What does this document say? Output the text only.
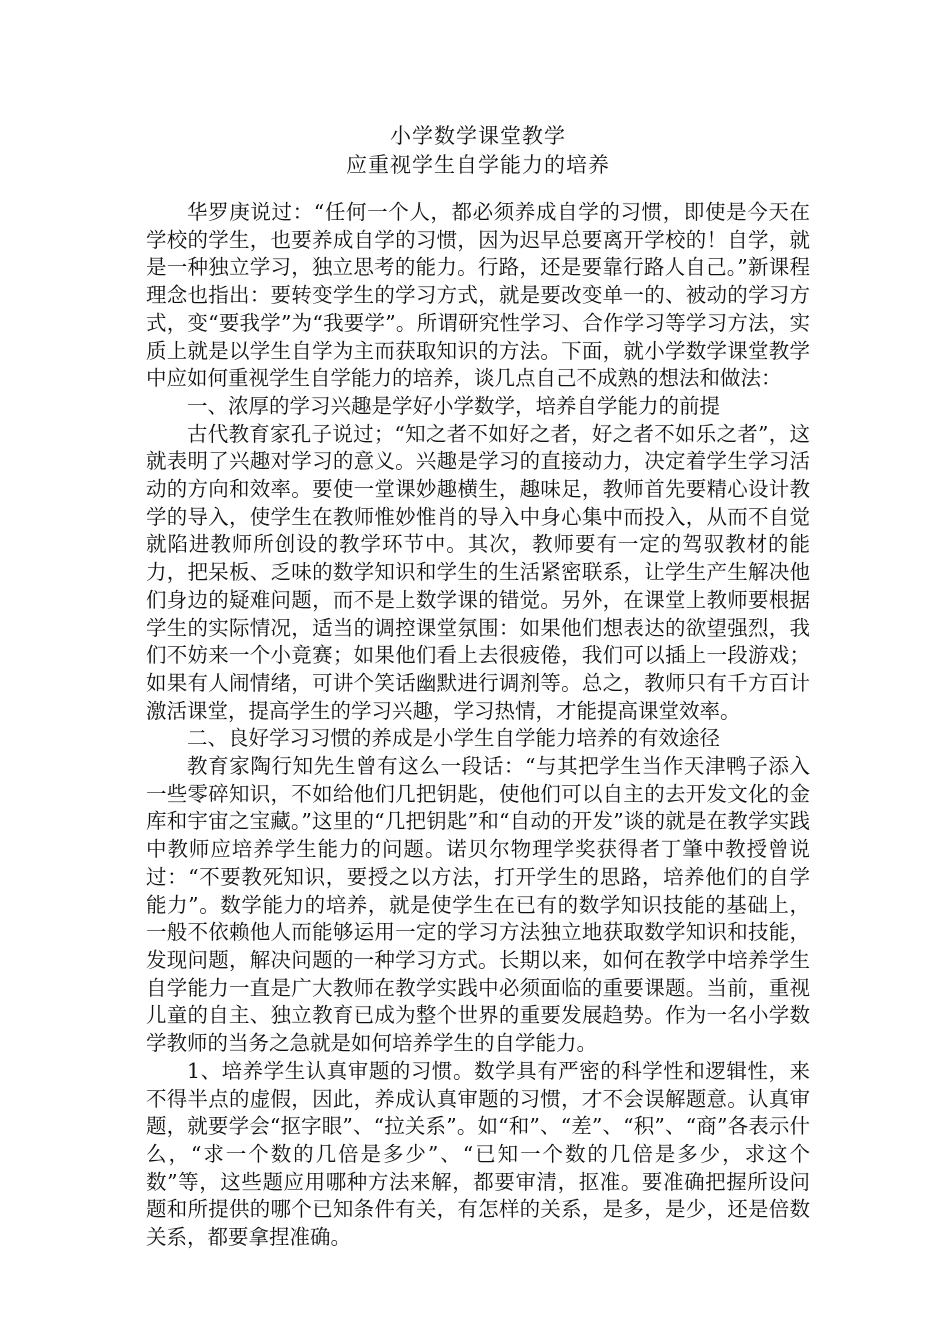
小学数学课堂教学
应重视学生自学能力的培养

华罗庚说过：“任何一个人，都必须养成自学的习惯，即使是今天在学校的学生，也要养成自学的习惯，因为迟早总要离开学校的！自学，就是一种独立学习，独立思考的能力。行路，还是要靠行路人自己。”新课程理念也指出：要转变学生的学习方式，就是要改变单一的、被动的学习方式，变“要我学”为“我要学”。所谓研究性学习、合作学习等学习方法，实质上就是以学生自学为主而获取知识的方法。下面，就小学数学课堂教学中应如何重视学生自学能力的培养，谈几点自己不成熟的想法和做法：

一、浓厚的学习兴趣是学好小学数学，培养自学能力的前提

古代教育家孔子说过；“知之者不如好之者，好之者不如乐之者”，这就表明了兴趣对学习的意义。兴趣是学习的直接动力，决定着学生学习活动的方向和效率。要使一堂课妙趣横生，趣味足，教师首先要精心设计教学的导入，使学生在教师惟妙惟肖的导入中身心集中而投入，从而不自觉就陷进教师所创设的教学环节中。其次，教师要有一定的驾驭教材的能力，把呆板、乏味的数学知识和学生的生活紧密联系，让学生产生解决他们身边的疑难问题，而不是上数学课的错觉。另外，在课堂上教师要根据学生的实际情况，适当的调控课堂氛围：如果他们想表达的欲望强烈，我们不妨来一个小竟赛；如果他们看上去很疲倦，我们可以插上一段游戏；如果有人闹情绪，可讲个笑话幽默进行调剂等。总之，教师只有千方百计激活课堂，提高学生的学习兴趣，学习热情，才能提高课堂效率。

二、良好学习习惯的养成是小学生自学能力培养的有效途径

教育家陶行知先生曾有这么一段话：“与其把学生当作天津鸭子添入一些零碎知识，不如给他们几把钥匙，使他们可以自主的去开发文化的金库和宇宙之宝藏。”这里的“几把钥匙”和“自动的开发”谈的就是在教学实践中教师应培养学生能力的问题。诺贝尔物理学奖获得者丁肇中教授曾说过：“不要教死知识，要授之以方法，打开学生的思路，培养他们的自学能力”。数学能力的培养，就是使学生在已有的数学知识技能的基础上，一般不依赖他人而能够运用一定的学习方法独立地获取数学知识和技能，发现问题，解决问题的一种学习方式。长期以来，如何在教学中培养学生自学能力一直是广大教师在教学实践中必须面临的重要课题。当前，重视儿童的自主、独立教育已成为整个世界的重要发展趋势。作为一名小学数学教师的当务之急就是如何培养学生的自学能力。

1、培养学生认真审题的习惯。数学具有严密的科学性和逻辑性，来不得半点的虚假，因此，养成认真审题的习惯，才不会误解题意。认真审题，就要学会“抠字眼”、“拉关系”。如“和”、“差”、“积”、“商”各表示什么，“求一个数的几倍是多少”、“已知一个数的几倍是多少，求这个数”等，这些题应用哪种方法来解，都要审清，抠准。要准确把握所设问题和所提供的哪个已知条件有关，有怎样的关系，是多，是少，还是倍数关系，都要拿捏准确。
